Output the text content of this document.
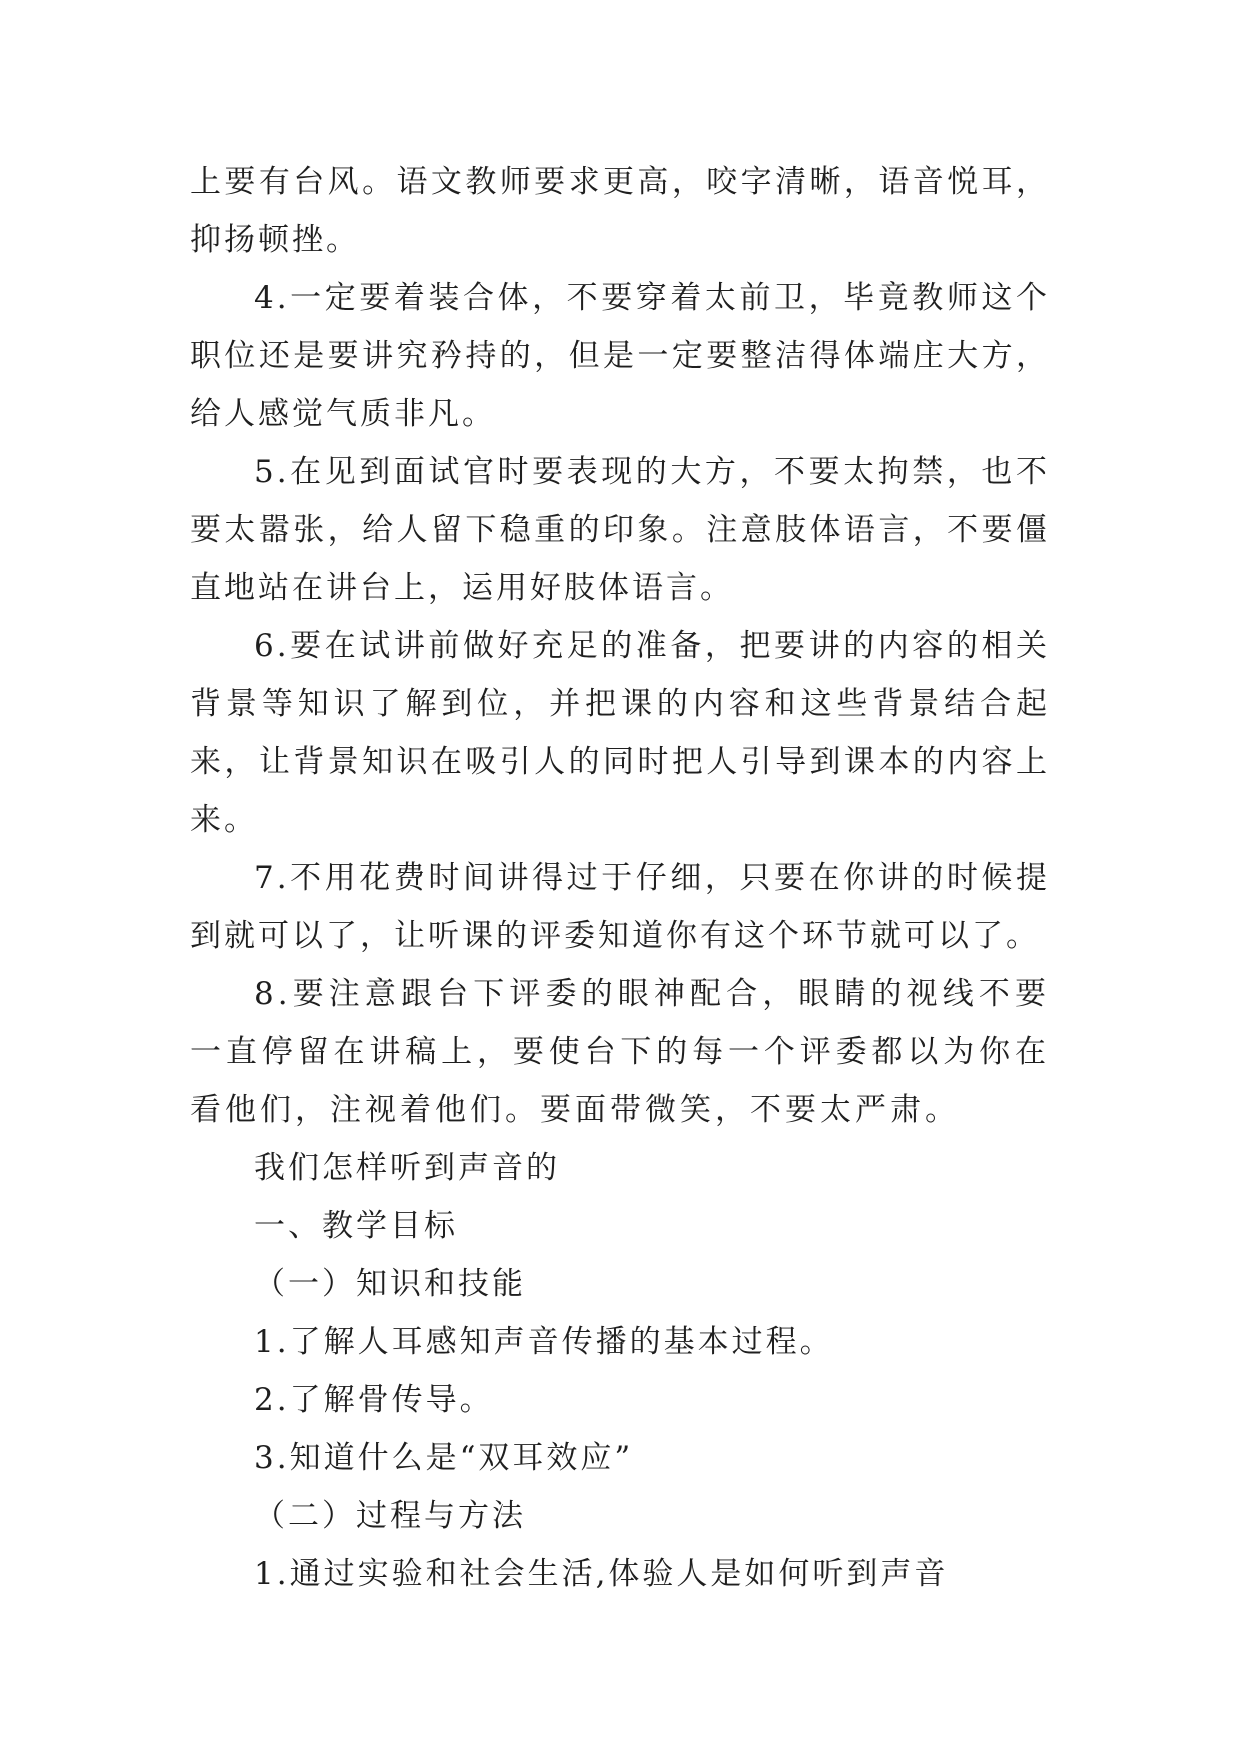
上要有台风。语文教师要求更高，咬字清晰，语音悦耳，抑扬顿挫。

4.一定要着装合体，不要穿着太前卫，毕竟教师这个职位还是要讲究矜持的，但是一定要整洁得体端庄大方，给人感觉气质非凡。

5.在见到面试官时要表现的大方，不要太拘禁，也不要太嚣张，给人留下稳重的印象。注意肢体语言，不要僵直地站在讲台上，运用好肢体语言。

6.要在试讲前做好充足的准备，把要讲的内容的相关背景等知识了解到位，并把课的内容和这些背景结合起来，让背景知识在吸引人的同时把人引导到课本的内容上来。

7.不用花费时间讲得过于仔细，只要在你讲的时候提到就可以了，让听课的评委知道你有这个环节就可以了。

8.要注意跟台下评委的眼神配合，眼睛的视线不要一直停留在讲稿上，要使台下的每一个评委都以为你在看他们，注视着他们。要面带微笑，不要太严肃。

我们怎样听到声音的

一、教学目标

（一）知识和技能

1.了解人耳感知声音传播的基本过程。

2.了解骨传导。

3.知道什么是“双耳效应”

（二）过程与方法

1.通过实验和社会生活,体验人是如何听到声音
